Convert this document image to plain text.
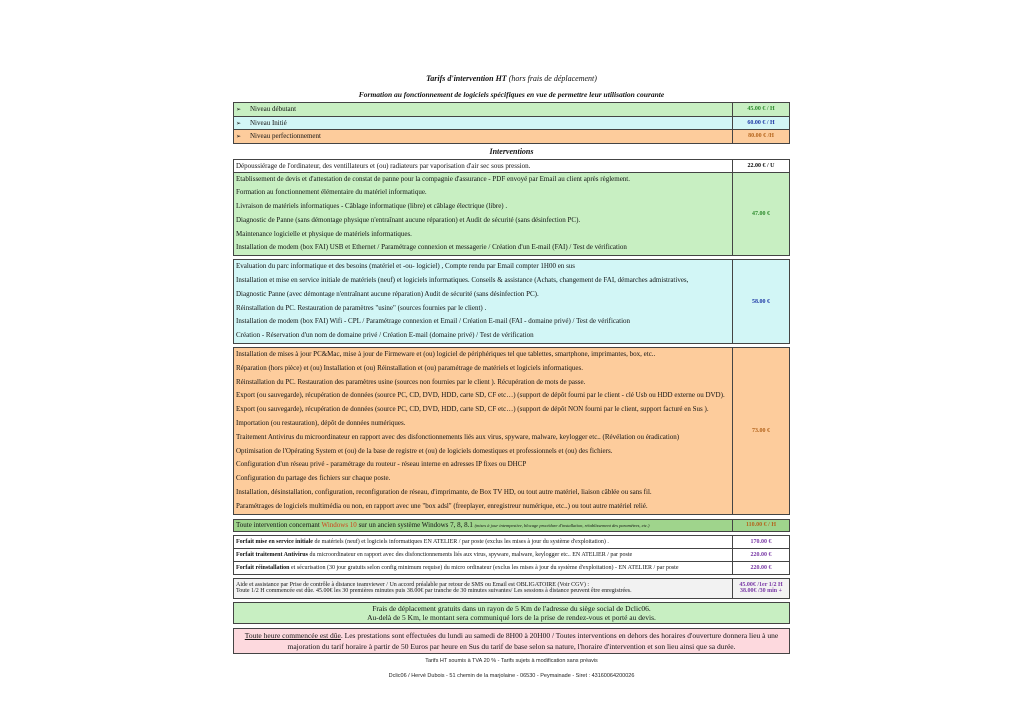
Tarifs d'intervention HT (hors frais de déplacement)
Formation au fonctionnement de logiciels spécifiques en vue de permettre leur utilisation courante
➢ Niveau débutant	45.00 € / H
➢ Niveau Initié	60.00 € / H
➢ Niveau perfectionnement	80.00 € /H
Interventions
Dépoussiérage de l'ordinateur, des ventillateurs et (ou) radiateurs par vaporisation d'air sec sous pression.	22.00 € / U
Etablissement de devis et d'attestation de constat de panne pour la compagnie d'assurance - PDF envoyé par Email au client après règlement.
Formation au fonctionnement élémentaire du matériel informatique.
Livraison de matériels informatiques - Câblage informatique (libre) et câblage électrique (libre) .
Diagnostic de Panne (sans démontage physique n'entraînant aucune réparation) et Audit de sécurité (sans désinfection PC).
Maintenance logicielle et physique de matériels informatiques.
Installation de modem (box FAI) USB et Ethernet / Paramétrage connexion et messagerie / Création d'un E-mail (FAI) / Test de vérification
47.00 €
Evaluation du parc informatique et des besoins (matériel et -ou- logiciel) , Compte rendu par Email compter 1H00 en sus
Installation et mise en service initiale de matériels (neuf) et logiciels informatiques. Conseils & assistance (Achats, changement de FAI, démarches admistratives,
Diagnostic Panne (avec démontage n'entraînant aucune réparation) Audit de sécurité (sans désinfection PC).
Réinstallation du PC. Restauration de paramètres "usine" (sources fournies par le client) .
Installation de modem (box FAI) Wifi - CPL / Paramétrage connexion et Email / Création E-mail (FAI - domaine privé) / Test de vérification
Création - Réservation d'un nom de domaine privé / Création E-mail (domaine privé) / Test de vérification
58.00 €
Installation de mises à jour PC&Mac, mise à jour de Firmeware et (ou) logiciel de périphériques tel que tablettes, smartphone, imprimantes, box, etc..
Réparation (hors pièce) et (ou) Installation et (ou) Réinstallation et (ou) paramétrage de matériels et logiciels informatiques.
Réinstallation du PC. Restauration des paramètres usine (sources non fournies par le client ). Récupération de mots de passe.
Export (ou sauvegarde), récupération de données (source PC, CD, DVD, HDD, carte SD, CF etc…) (support de dépôt fourni par le client - clé Usb ou HDD externe ou DVD).
Export (ou sauvegarde), récupération de données (source PC, CD, DVD, HDD, carte SD, CF etc…) (support de dépôt NON fourni par le client, support facturé en Sus ).
Importation (ou restauration), dépôt de données numériques.
Traitement Antivirus du microordinateur en rapport avec des disfonctionnements liés aux virus, spyware, malware, keylogger etc.. (Révélation ou éradication)
Optimisation de l'Opérating System et (ou) de la base de registre et (ou) de logiciels domestiques et professionnels et (ou) des fichiers.
Configuration d'un réseau privé - paramétrage du routeur - réseau interne en adresses IP fixes ou DHCP
Configuration du partage des fichiers sur chaque poste.
Installation, désinstallation, configuration, reconfiguration de réseau, d'imprimante, de Box TV HD, ou tout autre matériel, liaison câblée ou sans fil.
Paramétrages de logiciels multimédia ou non, en rapport avec une "box adsl" (freeplayer, enregistreur numérique, etc..) ou tout autre matériel relié.
73.00 €
Toute intervention concernant Windows 10 sur un ancien système Windows 7, 8, 8.1 (mises à jour intempestive, blocage procédure d'installation, rétablissement des paramètres, etc.)	110.00 € / H
Forfait mise en service initiale de matériels (neuf) et logiciels informatiques EN ATELIER / par poste (exclus les mises à jour du système d'exploitation) .	170.00 €
Forfait traitement Antivirus du microordinateur en rapport avec des disfonctionnements liés aux virus, spyware, malware, keylogger etc.. EN ATELIER / par poste	220.00 €
Forfait réinstallation et sécurisation (30 jour gratuits selon config minimum requise) du micro ordinateur (exclus les mises à jour du système d'exploitation) - EN ATELIER / par poste	220.00 €
Aide et assistance par Prise de contrôle à distance teamviewer / Un accord préalable par retour de SMS ou Email est OBLIGATOIRE (Voir CGV) :
Toute 1/2 H commencée est dûe. 45.00€ les 30 premières minutes puis 38.00€ par tranche de 30 minutes suivantes/ Les sessions à distance peuvent être enregistrées.

45.00€ /1er 1/2 H
38.00€ /30 min +
Frais de déplacement gratuits dans un rayon de 5 Km de l'adresse du siège social de Dclic06.
Au-delà de 5 Km, le montant sera communiqué lors de la prise de rendez-vous et porté au devis.
Toute heure commencée est dûe. Les prestations sont effectuées du lundi au samedi de 8H00 à 20H00 / Toutes interventions en dehors des horaires d'ouverture donnera lieu à une majoration du tarif horaire à partir de 50 Euros par heure en Sus du tarif de base selon sa nature, l'horaire d'intervention et son lieu ainsi que sa durée.
Tarifs HT soumis à TVA 20 % - Tarifs sujets à modification sans préavis
Dclic06 / Hervé Dubois - 51 chemin de la marjolaine - 06530 - Peymainade - Siret : 43160064200026
